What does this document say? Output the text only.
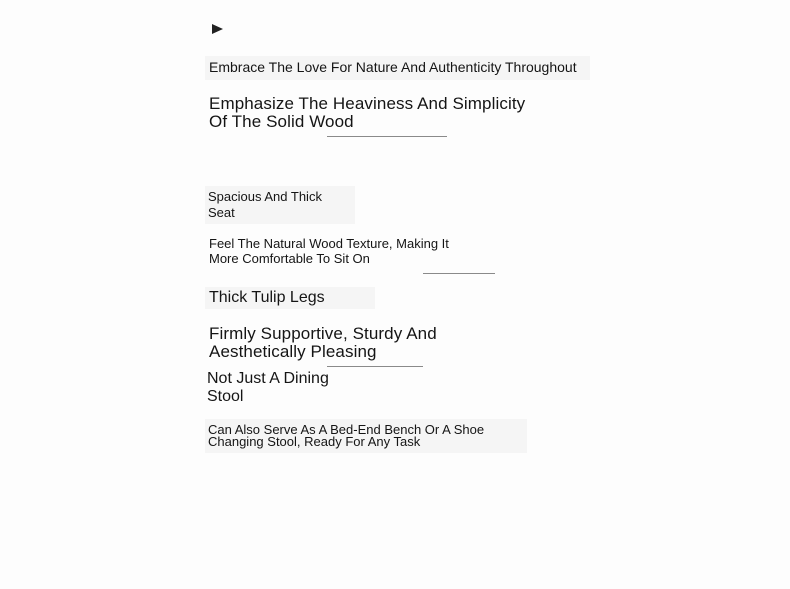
Embrace The Love For Nature And Authenticity Throughout
Emphasize The Heaviness And Simplicity Of The Solid Wood
Spacious And Thick Seat
Feel The Natural Wood Texture, Making It More Comfortable To Sit On
Thick Tulip Legs
Firmly Supportive, Sturdy And Aesthetically Pleasing
Not Just A Dining Stool
Can Also Serve As A Bed-End Bench Or A Shoe Changing Stool, Ready For Any Task
